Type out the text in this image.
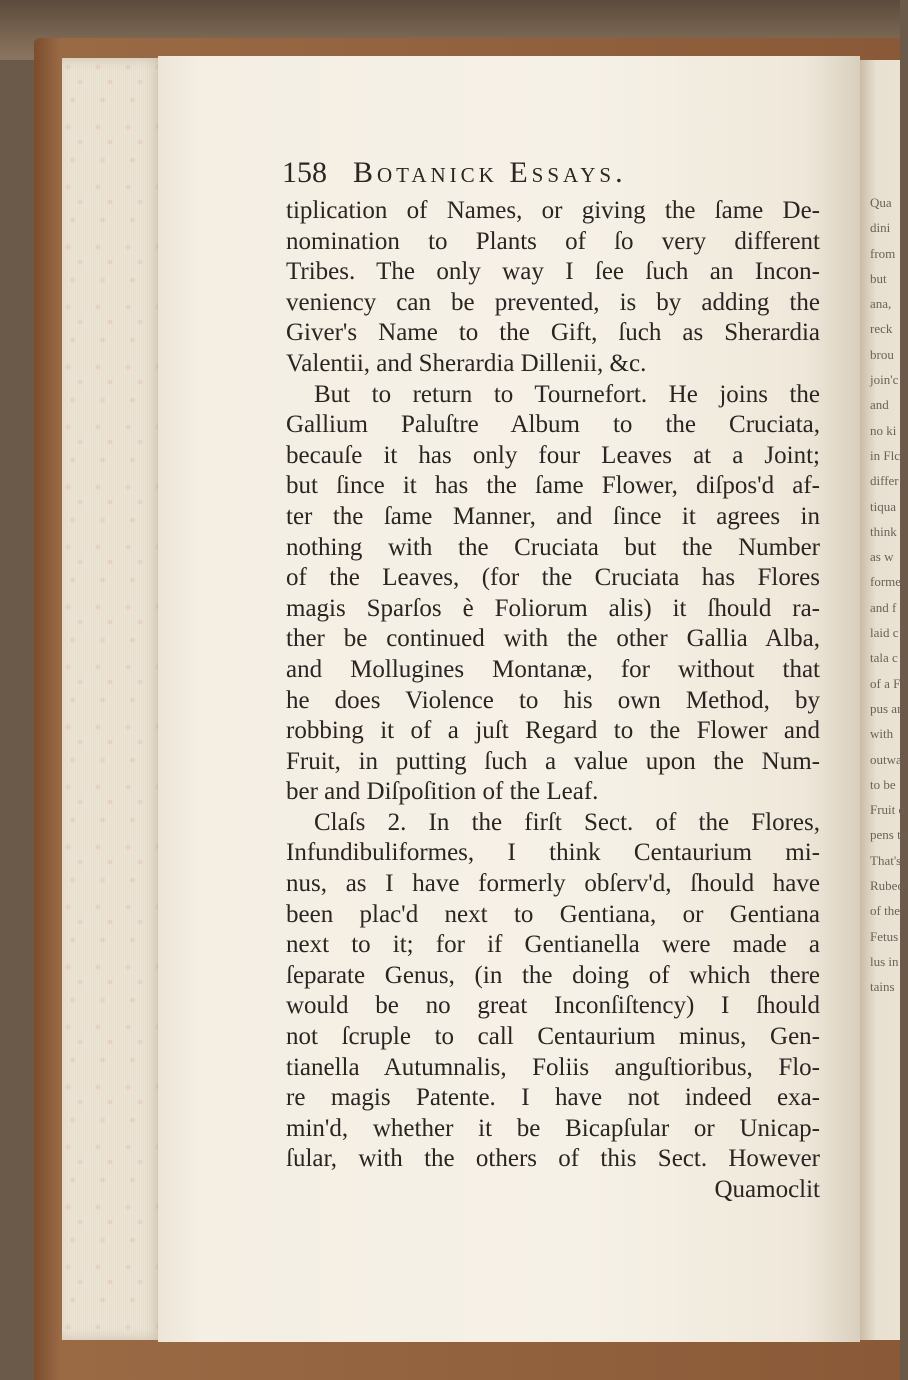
Qua
dini
from
but
ana,
reck
brou
join'c
and
no ki
in Flc
differ
tiqua
think
as w
forme
and f
laid c
tala c
of a F
pus ar
with
outwa
to be
Fruit o
pens to
That's
Rubeol
of the
Fetus
lus in
tains
158 Botanick Essays.
tiplication of Names, or giving the ſame De-
nomination to Plants of ſo very different
Tribes. The only way I ſee ſuch an Incon-
veniency can be prevented, is by adding the
Giver's Name to the Gift, ſuch as Sherardia
Valentii, and Sherardia Dillenii, &c.
But to return to Tournefort. He joins the
Gallium Paluſtre Album to the Cruciata,
becauſe it has only four Leaves at a Joint;
but ſince it has the ſame Flower, diſpos'd af-
ter the ſame Manner, and ſince it agrees in
nothing with the Cruciata but the Number
of the Leaves, (for the Cruciata has Flores
magis Sparſos è Foliorum alis) it ſhould ra-
ther be continued with the other Gallia Alba,
and Mollugines Montanæ, for without that
he does Violence to his own Method, by
robbing it of a juſt Regard to the Flower and
Fruit, in putting ſuch a value upon the Num-
ber and Diſpoſition of the Leaf.
Claſs 2. In the firſt Sect. of the Flores,
Infundibuliformes, I think Centaurium mi-
nus, as I have formerly obſerv'd, ſhould have
been plac'd next to Gentiana, or Gentiana
next to it; for if Gentianella were made a
ſeparate Genus, (in the doing of which there
would be no great Inconſiſtency) I ſhould
not ſcruple to call Centaurium minus, Gen-
tianella Autumnalis, Foliis anguſtioribus, Flo-
re magis Patente. I have not indeed exa-
min'd, whether it be Bicapſular or Unicap-
ſular, with the others of this Sect. However
Quamoclit
